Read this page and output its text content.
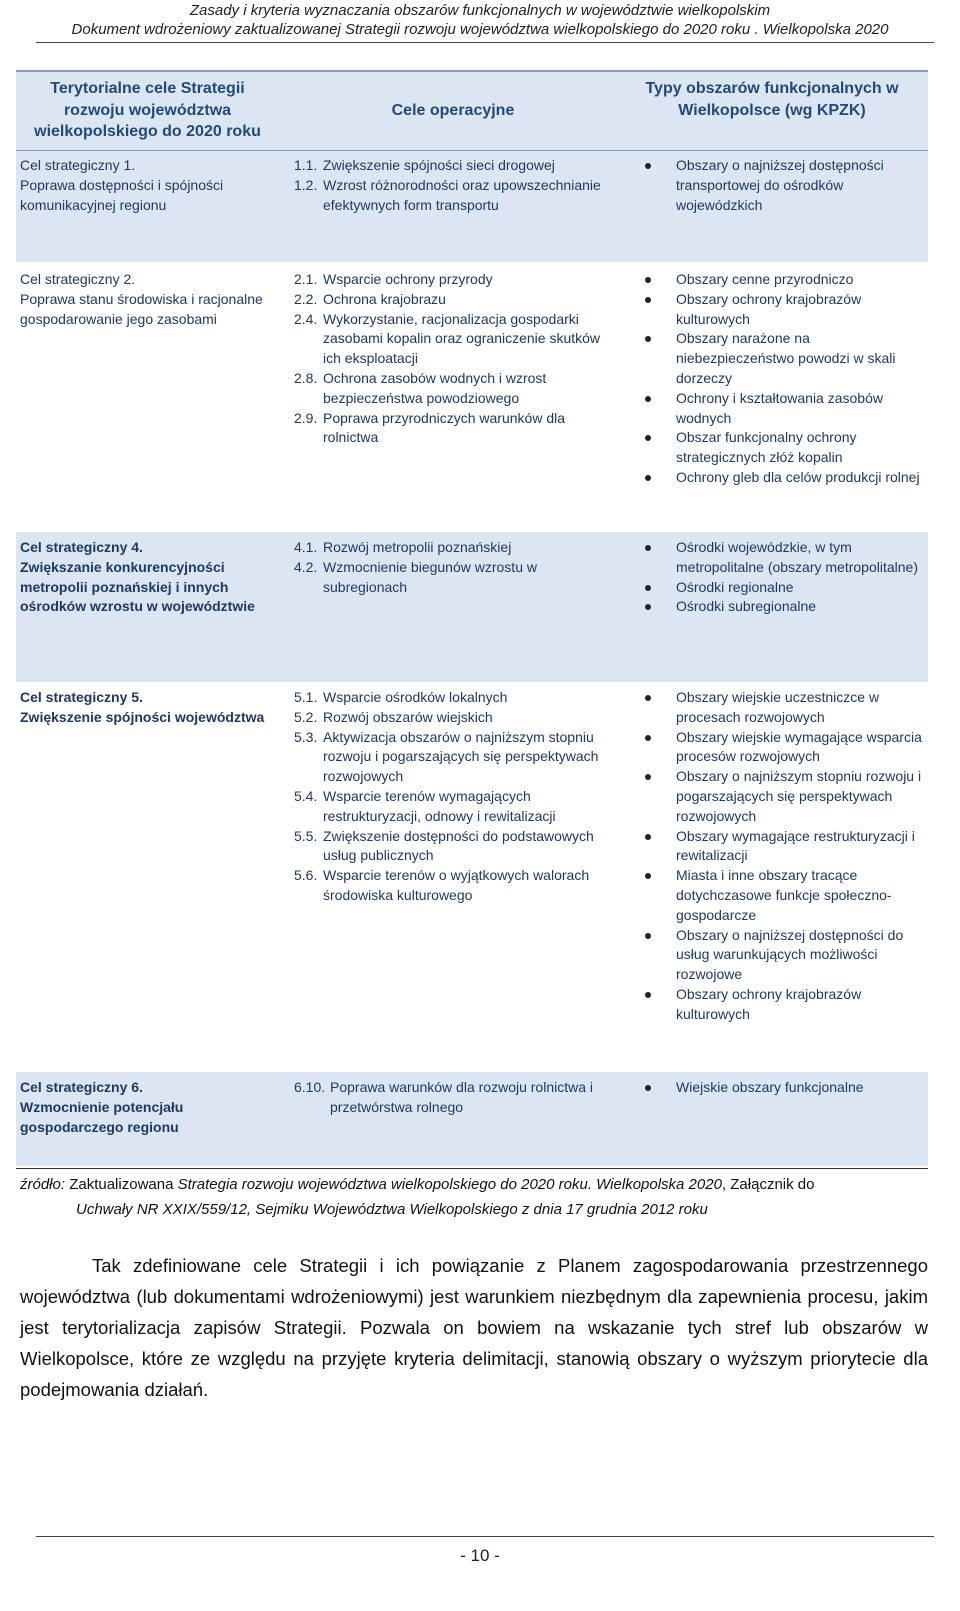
Zasady i kryteria wyznaczania obszarów funkcjonalnych w województwie wielkopolskim
Dokument wdrożeniowy zaktualizowanej Strategii rozwoju województwa wielkopolskiego do 2020 roku . Wielkopolska 2020
Terytorialne cele Strategii rozwoju województwa wielkopolskiego do 2020 roku
Cele operacyjne
Typy obszarów funkcjonalnych w Wielkopolsce (wg KPZK)
Cel strategiczny 1.
Poprawa dostępności i spójności komunikacyjnej regionu
1.1. Zwiększenie spójności sieci drogowej
1.2. Wzrost różnorodności oraz upowszechnianie efektywnych form transportu
Obszary o najniższej dostępności transportowej do ośrodków wojewódzkich
Cel strategiczny 2.
Poprawa stanu środowiska i racjonalne gospodarowanie jego zasobami
2.1. Wsparcie ochrony przyrody
2.2. Ochrona krajobrazu
2.4. Wykorzystanie, racjonalizacja gospodarki zasobami kopalin oraz ograniczenie skutków ich eksploatacji
2.8. Ochrona zasobów wodnych i wzrost bezpieczeństwa powodziowego
2.9. Poprawa przyrodniczych warunków dla rolnictwa
Obszary cenne przyrodniczo
Obszary ochrony krajobrazów kulturowych
Obszary narażone na niebezpieczeństwo powodzi w skali dorzeczy
Ochrony i kształtowania zasobów wodnych
Obszar funkcjonalny ochrony strategicznych złóż kopalin
Ochrony gleb dla celów produkcji rolnej
Cel strategiczny 4.
Zwiększanie konkurencyjności metropolii poznańskiej i innych ośrodków wzrostu w województwie
4.1. Rozwój metropolii poznańskiej
4.2. Wzmocnienie biegunów wzrostu w subregionach
Ośrodki wojewódzkie, w tym metropolitalne (obszary metropolitalne)
Ośrodki regionalne
Ośrodki subregionalne
Cel strategiczny 5.
Zwiększenie spójności województwa
5.1. Wsparcie ośrodków lokalnych
5.2. Rozwój obszarów wiejskich
5.3. Aktywizacja obszarów o najniższym stopniu rozwoju i pogarszających się perspektywach rozwojowych
5.4. Wsparcie terenów wymagających restrukturyzacji, odnowy i rewitalizacji
5.5. Zwiększenie dostępności do podstawowych usług publicznych
5.6. Wsparcie terenów o wyjątkowych walorach środowiska kulturowego
Obszary wiejskie uczestniczce w procesach rozwojowych
Obszary wiejskie wymagające wsparcia procesów rozwojowych
Obszary o najniższym stopniu rozwoju i pogarszających się perspektywach rozwojowych
Obszary wymagające restrukturyzacji i rewitalizacji
Miasta i inne obszary tracące dotychczasowe funkcje społeczno-gospodarcze
Obszary o najniższej dostępności do usług warunkujących możliwości rozwojowe
Obszary ochrony krajobrazów kulturowych
Cel strategiczny 6.
Wzmocnienie potencjału gospodarczego regionu
6.10. Poprawa warunków dla rozwoju rolnictwa i przetwórstwa rolnego
Wiejskie obszary funkcjonalne
źródło: Zaktualizowana Strategia rozwoju województwa wielkopolskiego do 2020 roku. Wielkopolska 2020, Załącznik do
Uchwały NR XXIX/559/12, Sejmiku Województwa Wielkopolskiego z dnia 17 grudnia 2012 roku
Tak zdefiniowane cele Strategii i ich powiązanie z Planem zagospodarowania przestrzennego województwa (lub dokumentami wdrożeniowymi) jest warunkiem niezbędnym dla zapewnienia procesu, jakim jest terytorializacja zapisów Strategii. Pozwala on bowiem na wskazanie tych stref lub obszarów w Wielkopolsce, które ze względu na przyjęte kryteria delimitacji, stanowią obszary o wyższym priorytecie dla podejmowania działań.
- 10 -
